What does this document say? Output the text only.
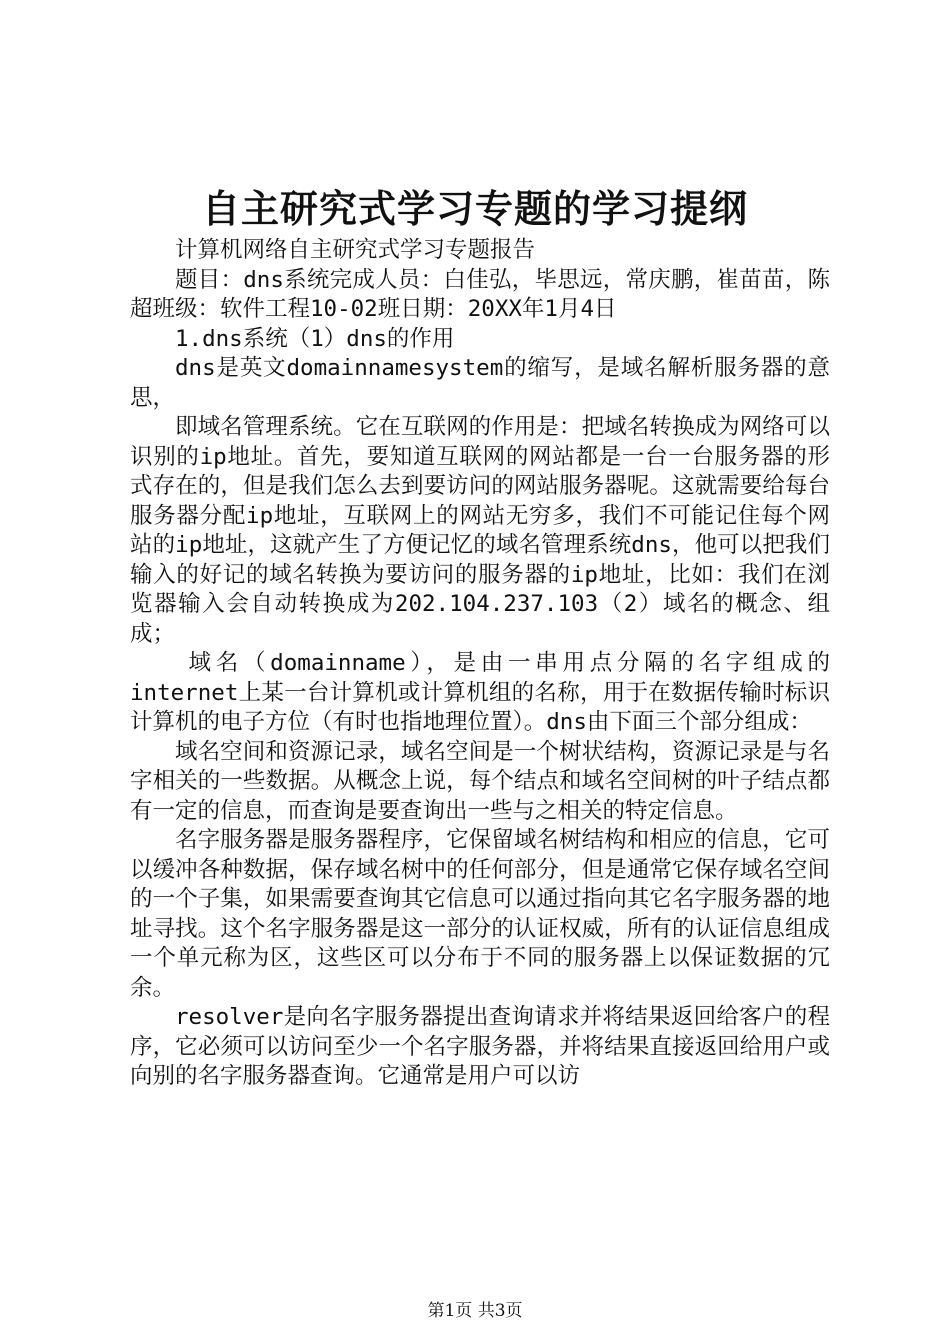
自主研究式学习专题的学习提纲

计算机网络自主研究式学习专题报告

题目：dns系统完成人员：白佳弘，毕思远，常庆鹏，崔苗苗，陈超班级：软件工程10-02班日期：20XX年1月4日

1.dns系统（1）dns的作用

dns是英文domainnamesystem的缩写，是域名解析服务器的意思，

即域名管理系统。它在互联网的作用是：把域名转换成为网络可以识别的ip地址。首先，要知道互联网的网站都是一台一台服务器的形式存在的，但是我们怎么去到要访问的网站服务器呢。这就需要给每台服务器分配ip地址，互联网上的网站无穷多，我们不可能记住每个网站的ip地址，这就产生了方便记忆的域名管理系统dns，他可以把我们输入的好记的域名转换为要访问的服务器的ip地址，比如：我们在浏览器输入会自动转换成为202.104.237.103（2）域名的概念、组成；

域名（domainname），是由一串用点分隔的名字组成的internet上某一台计算机或计算机组的名称，用于在数据传输时标识计算机的电子方位（有时也指地理位置）。dns由下面三个部分组成：

域名空间和资源记录，域名空间是一个树状结构，资源记录是与名字相关的一些数据。从概念上说，每个结点和域名空间树的叶子结点都有一定的信息，而查询是要查询出一些与之相关的特定信息。

名字服务器是服务器程序，它保留域名树结构和相应的信息，它可以缓冲各种数据，保存域名树中的任何部分，但是通常它保存域名空间的一个子集，如果需要查询其它信息可以通过指向其它名字服务器的地址寻找。这个名字服务器是这一部分的认证权威，所有的认证信息组成一个单元称为区，这些区可以分布于不同的服务器上以保证数据的冗余。

resolver是向名字服务器提出查询请求并将结果返回给客户的程序，它必须可以访问至少一个名字服务器，并将结果直接返回给用户或向别的名字服务器查询。它通常是用户可以访

第1页 共3页
